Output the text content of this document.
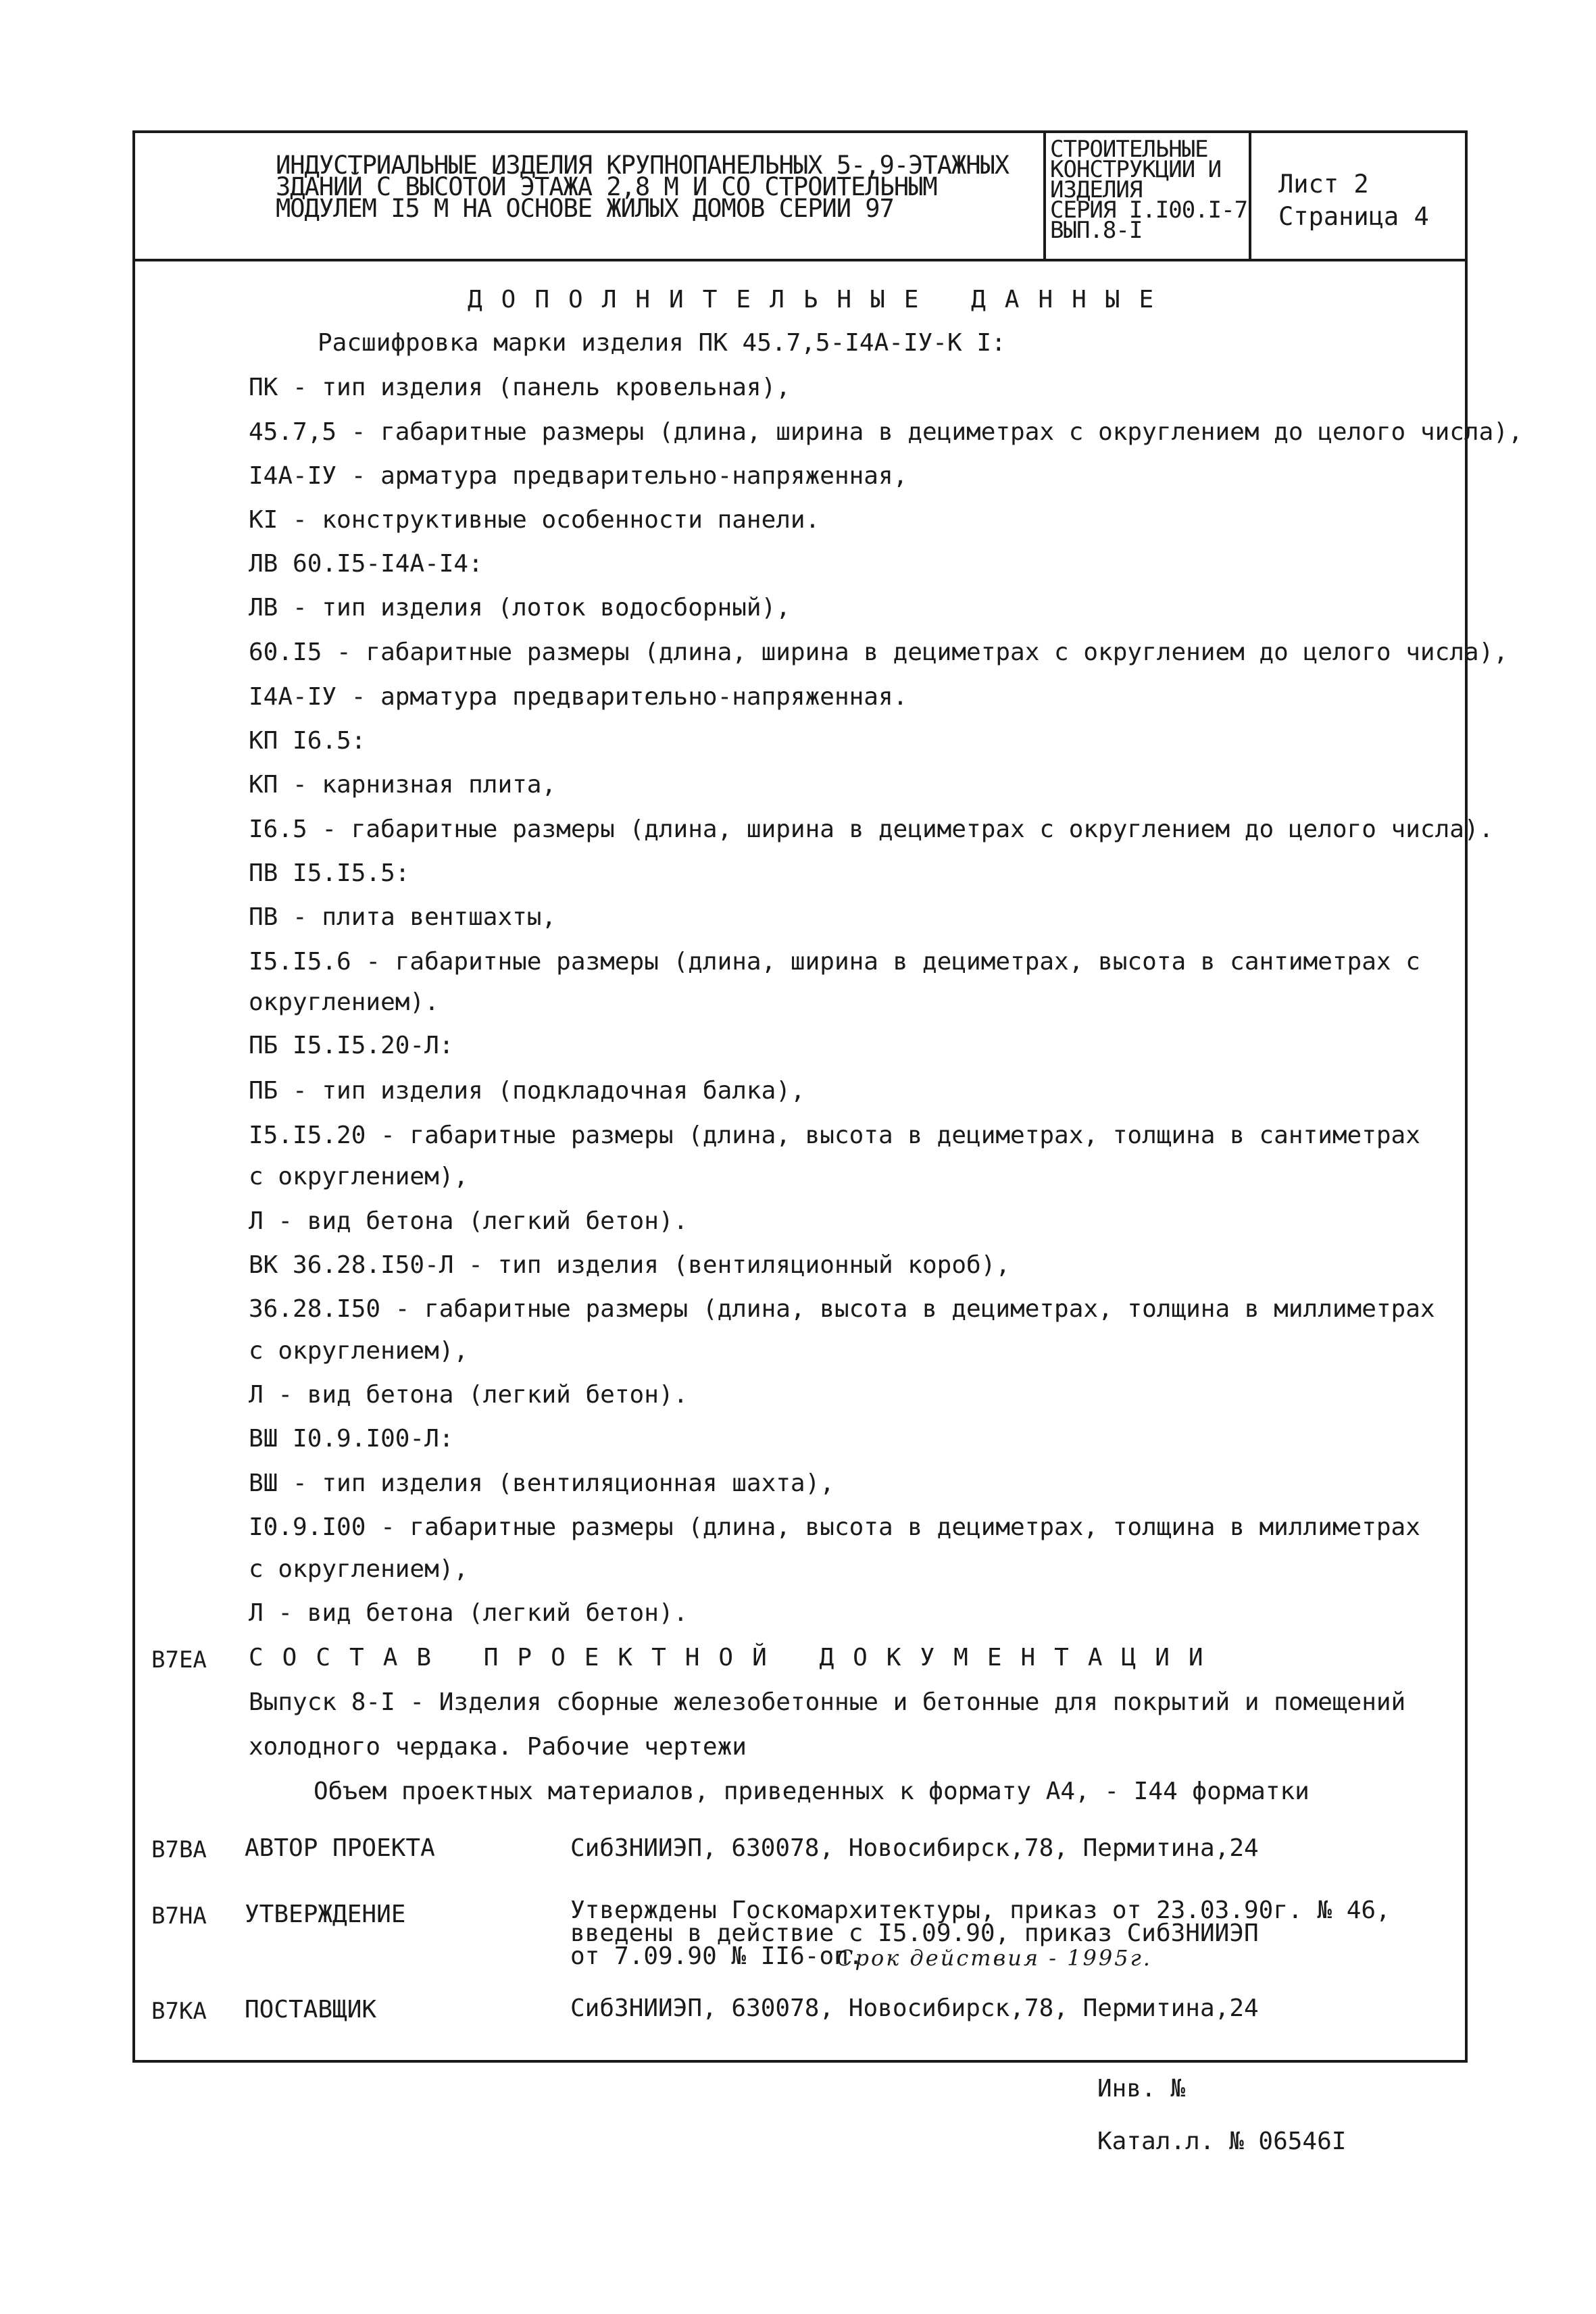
ИНДУСТРИАЛЬНЫЕ ИЗДЕЛИЯ КРУПНОПАНЕЛЬНЫХ 5-,9-ЭТАЖНЫХ
ЗДАНИЙ С ВЫСОТОЙ ЭТАЖА 2,8 М И СО СТРОИТЕЛЬНЫМ
МОДУЛЕМ I5 М НА ОСНОВЕ ЖИЛЫХ ДОМОВ СЕРИИ 97
СТРОИТЕЛЬНЫЕ
КОНСТРУКЦИИ И
ИЗДЕЛИЯ
СЕРИЯ I.I00.I-7
ВЫП.8-I
Лист 2
Страница 4
ДОПОЛНИТЕЛЬНЫЕ ДАННЫЕ
Расшифровка марки изделия ПК 45.7,5-I4А-IУ-К I:
ПК - тип изделия (панель кровельная),
45.7,5 - габаритные размеры (длина, ширина в дециметрах с округлением до целого числа),
I4А-IУ - арматура предварительно-напряженная,
КI - конструктивные особенности панели.
ЛВ 60.I5-I4А-I4:
ЛВ - тип изделия (лоток водосборный),
60.I5 - габаритные размеры (длина, ширина в дециметрах с округлением до целого числа),
I4А-IУ - арматура предварительно-напряженная.
КП I6.5:
КП - карнизная плита,
I6.5 - габаритные размеры (длина, ширина в дециметрах с округлением до целого числа).
ПВ I5.I5.5:
ПВ - плита вентшахты,
I5.I5.6 - габаритные размеры (длина, ширина в дециметрах, высота в сантиметрах с
округлением).
ПБ I5.I5.20-Л:
ПБ - тип изделия (подкладочная балка),
I5.I5.20 - габаритные размеры (длина, высота в дециметрах, толщина в сантиметрах
с округлением),
Л - вид бетона (легкий бетон).
ВК 36.28.I50-Л - тип изделия (вентиляционный короб),
36.28.I50 - габаритные размеры (длина, высота в дециметрах, толщина в миллиметрах
с округлением),
Л - вид бетона (легкий бетон).
ВШ I0.9.I00-Л:
ВШ - тип изделия (вентиляционная шахта),
I0.9.I00 - габаритные размеры (длина, высота в дециметрах, толщина в миллиметрах
с округлением),
Л - вид бетона (легкий бетон).
В7ЕА СОСТАВ ПРОЕКТНОЙ ДОКУМЕНТАЦИИ
Выпуск 8-I - Изделия сборные железобетонные и бетонные для покрытий и помещений
холодного чердака. Рабочие чертежи
Объем проектных материалов, приведенных к формату А4, - I44 форматки
В7ВА АВТОР ПРОЕКТА	СибЗНИИЭП, 630078, Новосибирск,78, Пермитина,24
В7НА УТВЕРЖДЕНИЕ	Утверждены Госкомархитектуры, приказ от 23.03.90г. № 46,
введены в действие с I5.09.90, приказ СибЗНИИЭП
от 7.09.90 № II6-оп.
Срок действия - 1995г.
В7КА ПОСТАВЩИК	СибЗНИИЭП, 630078, Новосибирск,78, Пермитина,24
Инв. №
Катал.л. № 06546I
